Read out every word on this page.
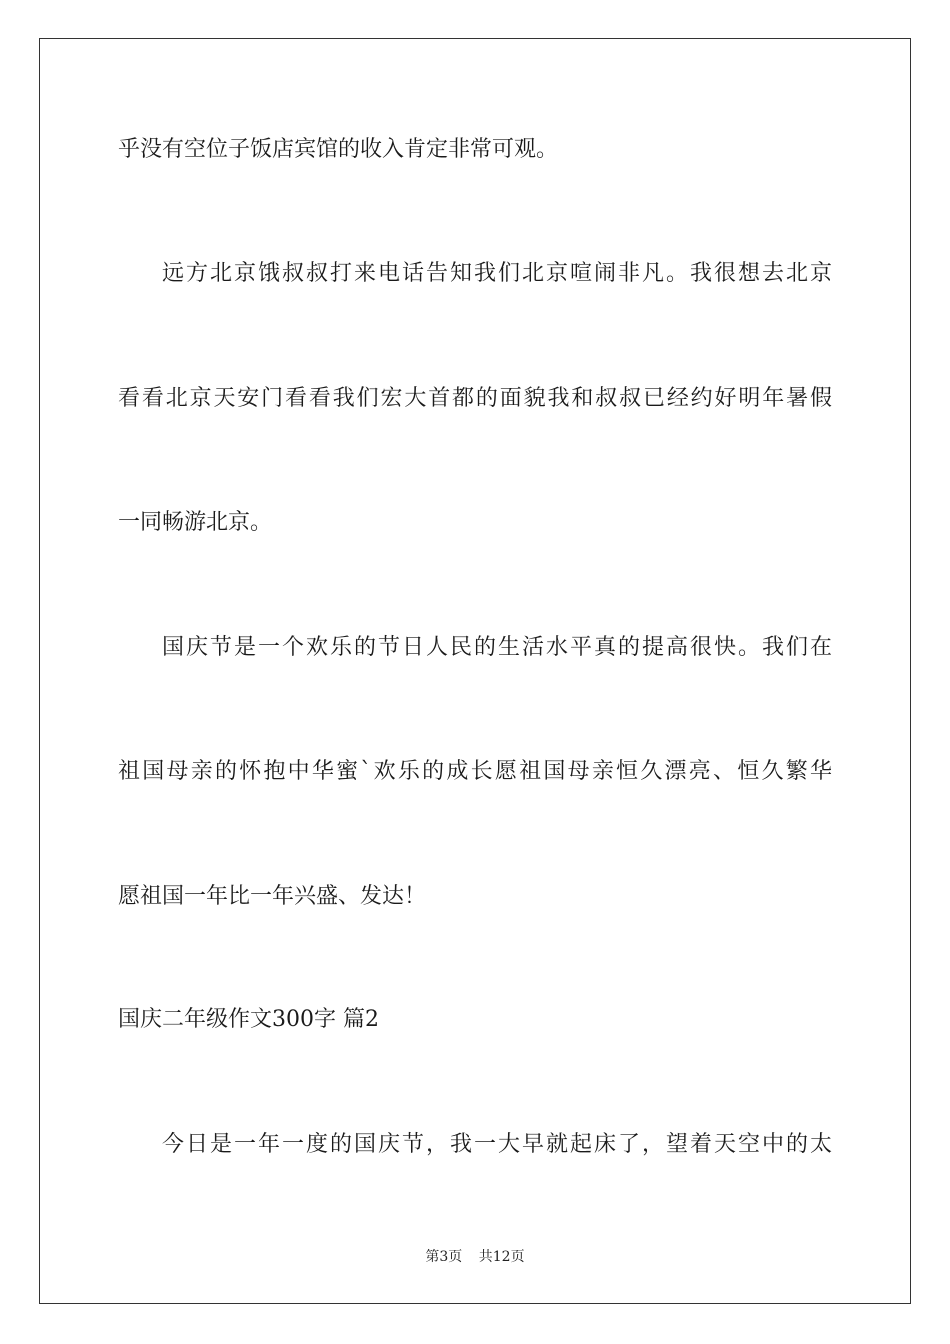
乎没有空位子饭店宾馆的收入肯定非常可观。
远方北京饿叔叔打来电话告知我们北京喧闹非凡。我很想去北京
看看北京天安门看看我们宏大首都的面貌我和叔叔已经约好明年暑假
一同畅游北京。
国庆节是一个欢乐的节日人民的生活水平真的提高很快。我们在
祖国母亲的怀抱中华蜜`欢乐的成长愿祖国母亲恒久漂亮、恒久繁华
愿祖国一年比一年兴盛、发达！
国庆二年级作文300字 篇2
今日是一年一度的国庆节，我一大早就起床了，望着天空中的太
第3页 共12页
